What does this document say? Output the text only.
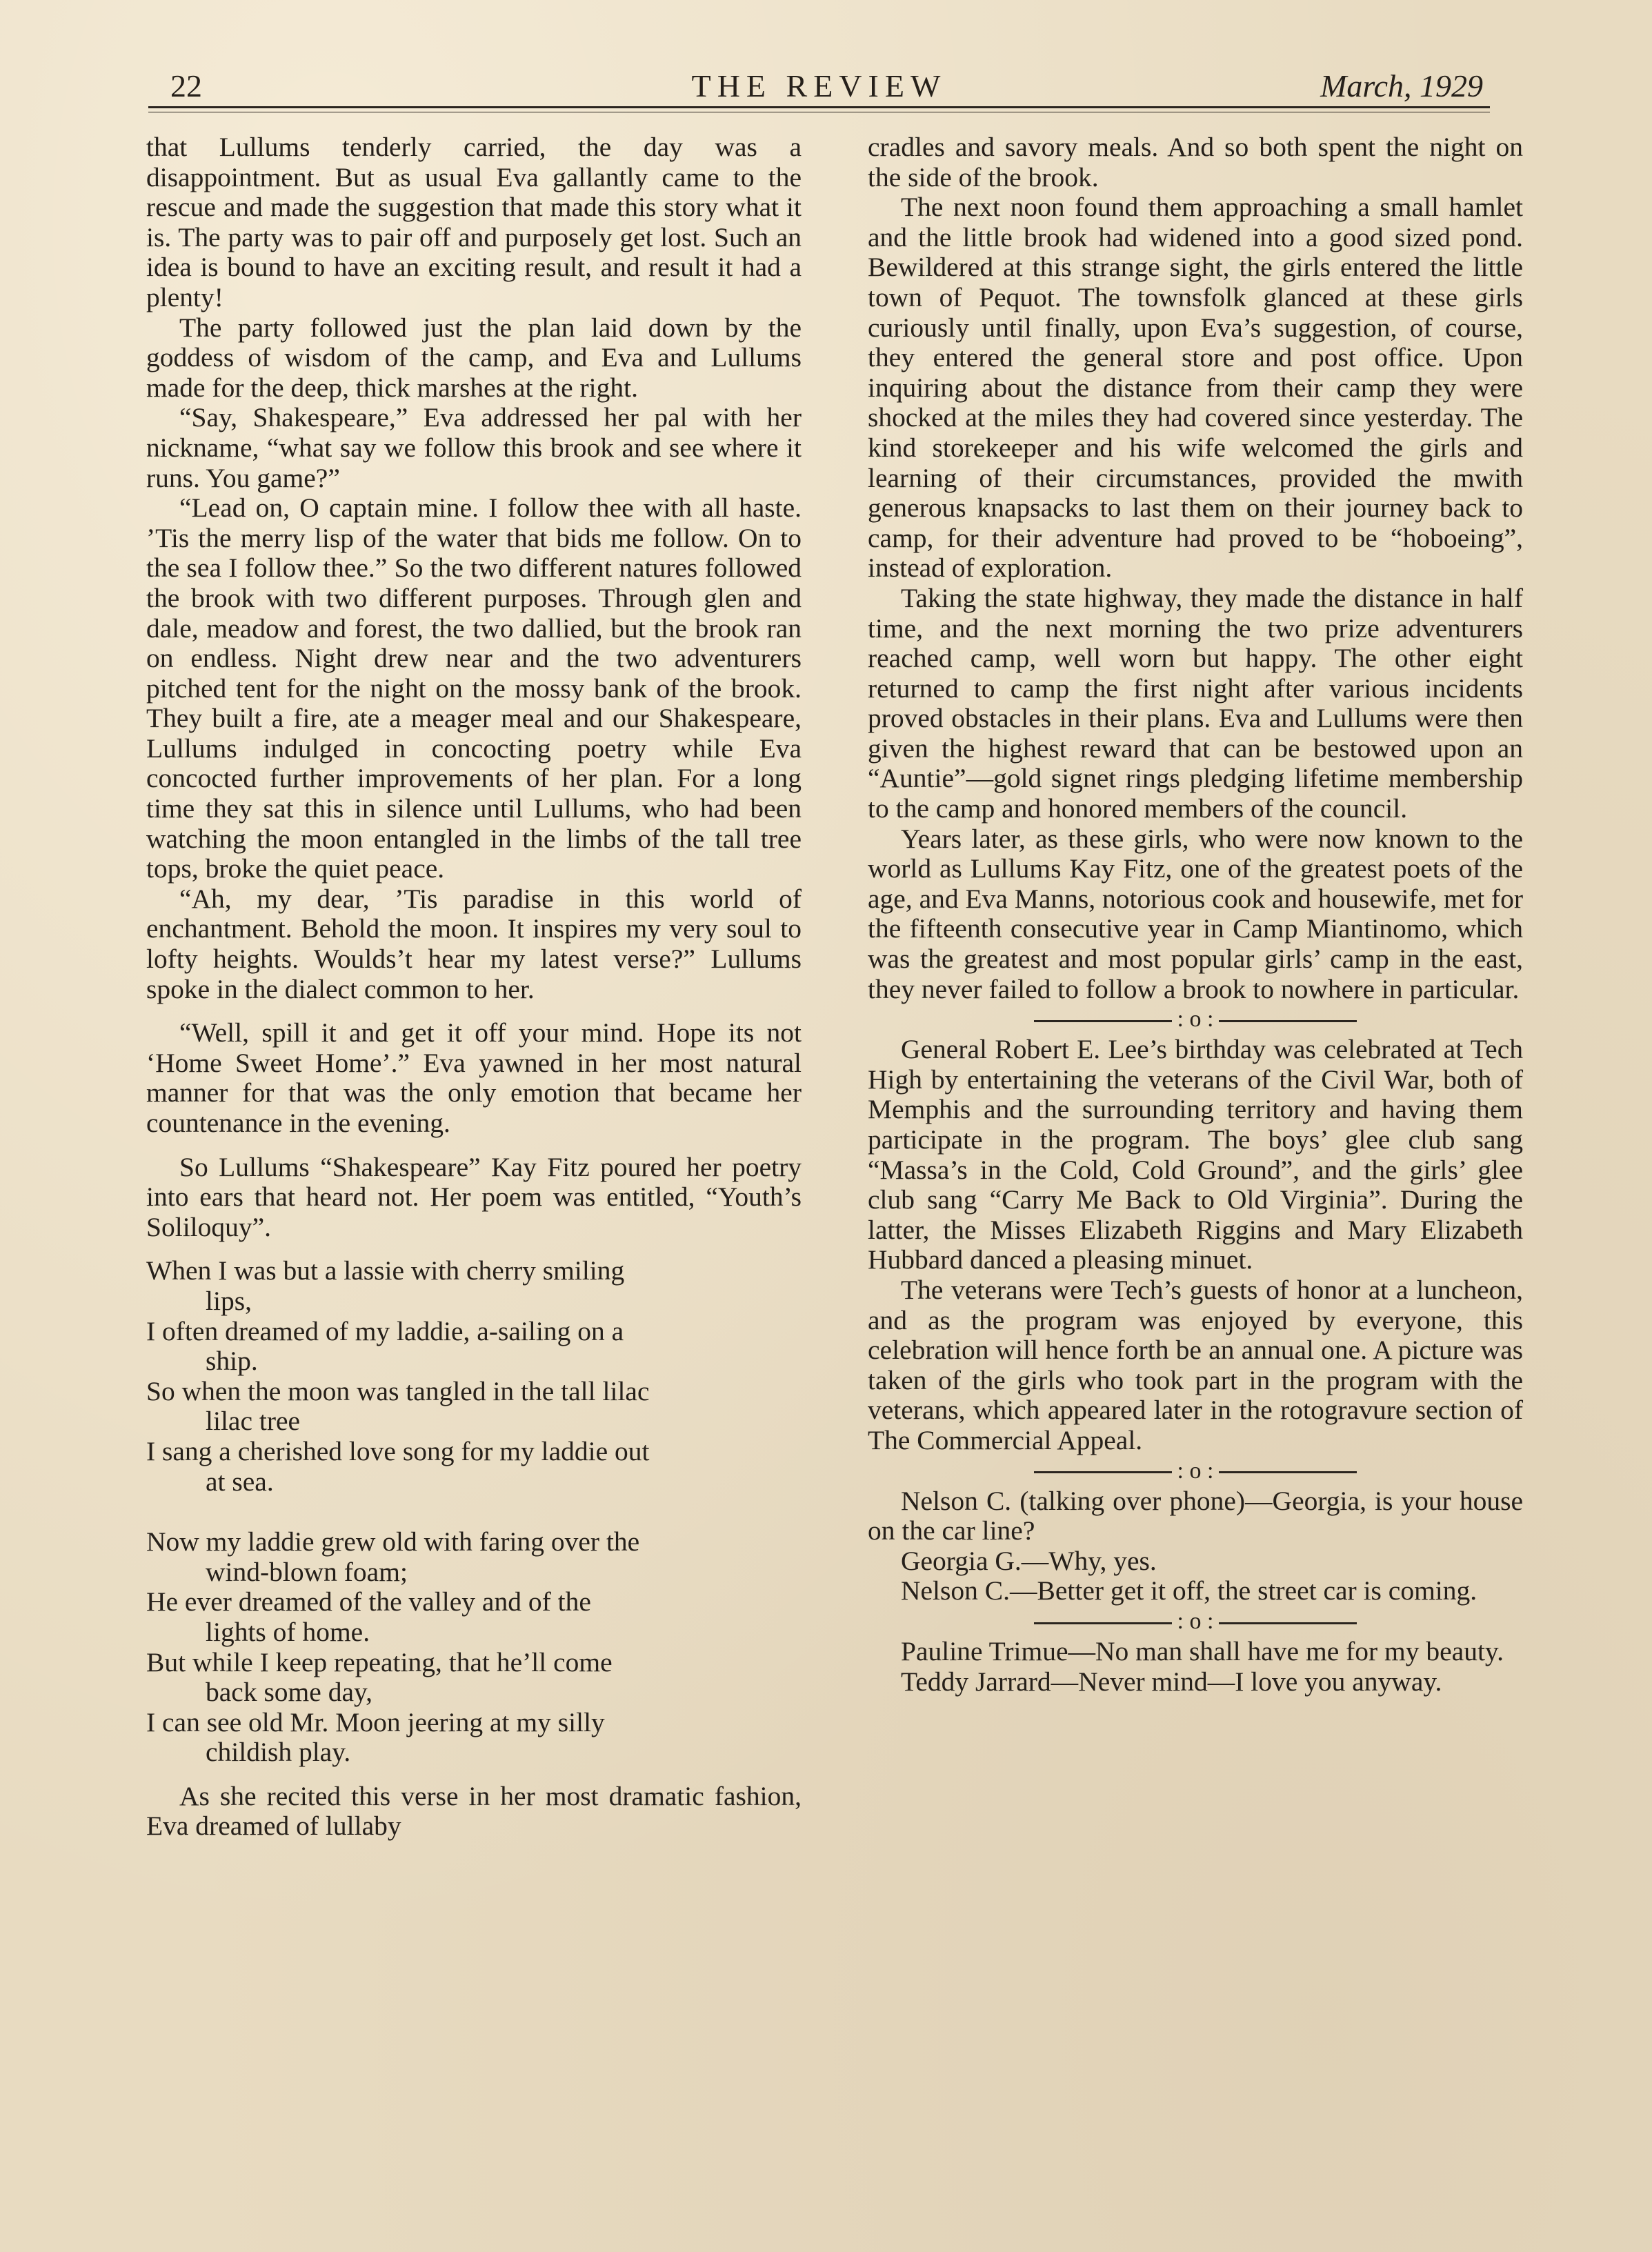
22	THE REVIEW	March, 1929

that Lullums tenderly carried, the day was a disappointment. But as usual Eva gallantly came to the rescue and made the suggestion that made this story what it is. The party was to pair off and purposely get lost. Such an idea is bound to have an exciting result, and result it had a plenty!

The party followed just the plan laid down by the goddess of wisdom of the camp, and Eva and Lullums made for the deep, thick marshes at the right.

“Say, Shakespeare,” Eva addressed her pal with her nickname, “what say we follow this brook and see where it runs. You game?”

“Lead on, O captain mine. I follow thee with all haste. ’Tis the merry lisp of the water that bids me follow. On to the sea I follow thee.” So the two different natures followed the brook with two different purposes. Through glen and dale, meadow and forest, the two dallied, but the brook ran on endless. Night drew near and the two adventurers pitched tent for the night on the mossy bank of the brook. They built a fire, ate a meager meal and our Shakespeare, Lullums indulged in concocting poetry while Eva concocted further improvements of her plan. For a long time they sat this in silence until Lullums, who had been watching the moon entangled in the limbs of the tall tree tops, broke the quiet peace.

“Ah, my dear, ’Tis paradise in this world of enchantment. Behold the moon. It inspires my very soul to lofty heights. Woulds’t hear my latest verse?” Lullums spoke in the dialect common to her.

“Well, spill it and get it off your mind. Hope its not ‘Home Sweet Home’.” Eva yawned in her most natural manner for that was the only emotion that became her countenance in the evening.

So Lullums “Shakespeare” Kay Fitz poured her poetry into ears that heard not. Her poem was entitled, “Youth’s Soliloquy”.

When I was but a lassie with cherry smiling
lips,
I often dreamed of my laddie, a-sailing on a
ship.
So when the moon was tangled in the tall lilac
lilac tree
I sang a cherished love song for my laddie out
at sea.
Now my laddie grew old with faring over the
wind-blown foam;
He ever dreamed of the valley and of the
lights of home.
But while I keep repeating, that he’ll come
back some day,
I can see old Mr. Moon jeering at my silly
childish play.

As she recited this verse in her most dramatic fashion, Eva dreamed of lullaby

cradles and savory meals. And so both spent the night on the side of the brook.

The next noon found them approaching a small hamlet and the little brook had widened into a good sized pond. Bewildered at this strange sight, the girls entered the little town of Pequot. The townsfolk glanced at these girls curiously until finally, upon Eva’s suggestion, of course, they entered the general store and post office. Upon inquiring about the distance from their camp they were shocked at the miles they had covered since yesterday. The kind storekeeper and his wife welcomed the girls and learning of their circumstances, provided the mwith generous knapsacks to last them on their journey back to camp, for their adventure had proved to be “hoboeing”, instead of exploration.

Taking the state highway, they made the distance in half time, and the next morning the two prize adventurers reached camp, well worn but happy. The other eight returned to camp the first night after various incidents proved obstacles in their plans. Eva and Lullums were then given the highest reward that can be bestowed upon an “Auntie”—gold signet rings pledging lifetime membership to the camp and honored members of the council.

Years later, as these girls, who were now known to the world as Lullums Kay Fitz, one of the greatest poets of the age, and Eva Manns, notorious cook and housewife, met for the fifteenth consecutive year in Camp Miantinomo, which was the greatest and most popular girls’ camp in the east, they never failed to follow a brook to nowhere in particular.

: o :

General Robert E. Lee’s birthday was celebrated at Tech High by entertaining the veterans of the Civil War, both of Memphis and the surrounding territory and having them participate in the program. The boys’ glee club sang “Massa’s in the Cold, Cold Ground”, and the girls’ glee club sang “Carry Me Back to Old Virginia”. During the latter, the Misses Elizabeth Riggins and Mary Elizabeth Hubbard danced a pleasing minuet.

The veterans were Tech’s guests of honor at a luncheon, and as the program was enjoyed by everyone, this celebration will hence forth be an annual one. A picture was taken of the girls who took part in the program with the veterans, which appeared later in the rotogravure section of The Commercial Appeal.

: o :

Nelson C. (talking over phone)—Georgia, is your house on the car line?

Georgia G.—Why, yes.

Nelson C.—Better get it off, the street car is coming.

: o :

Pauline Trimue—No man shall have me for my beauty.

Teddy Jarrard—Never mind—I love you anyway.
